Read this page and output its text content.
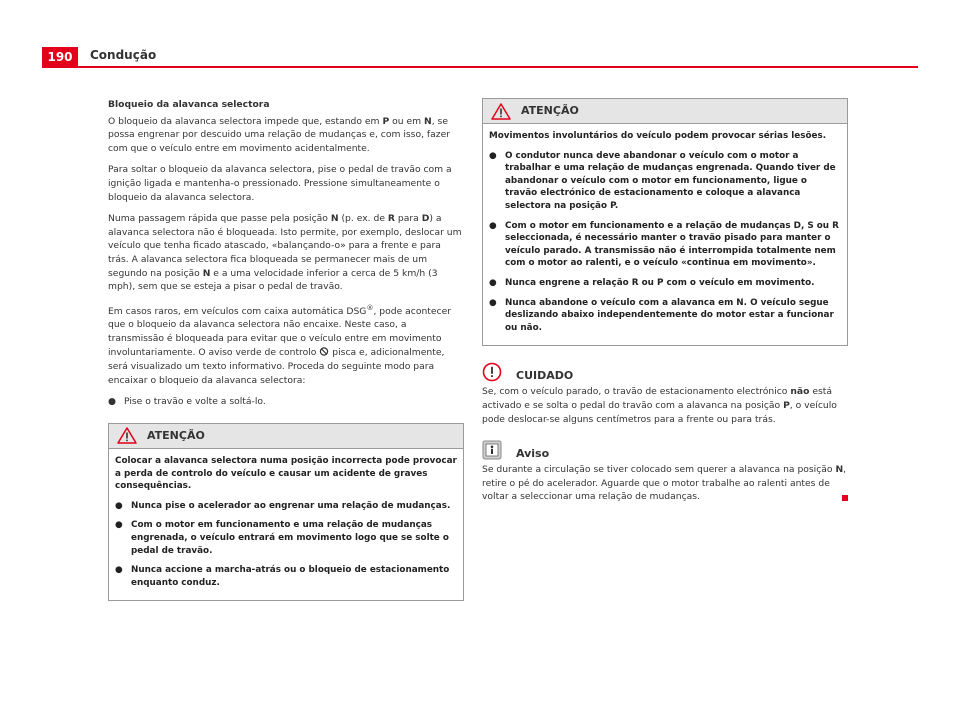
190	Condução
Bloqueio da alavanca selectora

O bloqueio da alavanca selectora impede que, estando em P ou em N, se possa engrenar por descuido uma relação de mudanças e, com isso, fazer com que o veículo entre em movimento acidentalmente.

Para soltar o bloqueio da alavanca selectora, pise o pedal de travão com a ignição ligada e mantenha-o pressionado. Pressione simultaneamente o bloqueio da alavanca selectora.

Numa passagem rápida que passe pela posição N (p. ex. de R para D) a alavanca selectora não é bloqueada. Isto permite, por exemplo, deslocar um veículo que tenha ficado atascado, «balançando-o» para a frente e para trás. A alavanca selectora fica bloqueada se permanecer mais de um segundo na posição N e a uma velocidade inferior a cerca de 5 km/h (3 mph), sem que se esteja a pisar o pedal de travão.

Em casos raros, em veículos com caixa automática DSG®, pode acontecer que o bloqueio da alavanca selectora não encaixe. Neste caso, a transmissão é bloqueada para evitar que o veículo entre em movimento involuntariamente. O aviso verde de controlo  pisca e, adicionalmente, será visualizado um texto informativo. Proceda do seguinte modo para encaixar o bloqueio da alavanca selectora:

● Pise o travão e volte a soltá-lo.

ATENÇÃO

Colocar a alavanca selectora numa posição incorrecta pode provocar a perda de controlo do veículo e causar um acidente de graves consequências.

● Nunca pise o acelerador ao engrenar uma relação de mudanças.

● Com o motor em funcionamento e uma relação de mudanças engrenada, o veículo entrará em movimento logo que se solte o pedal de travão.

● Nunca accione a marcha-atrás ou o bloqueio de estacionamento enquanto conduz.

ATENÇÃO

Movimentos involuntários do veículo podem provocar sérias lesões.

● O condutor nunca deve abandonar o veículo com o motor a trabalhar e uma relação de mudanças engrenada. Quando tiver de abandonar o veículo com o motor em funcionamento, ligue o travão electrónico de estacionamento e coloque a alavanca selectora na posição P.

● Com o motor em funcionamento e a relação de mudanças D, S ou R seleccionada, é necessário manter o travão pisado para manter o veículo parado. A transmissão não é interrompida totalmente nem com o motor ao ralenti, e o veículo «continua em movimento».

● Nunca engrene a relação R ou P com o veículo em movimento.

● Nunca abandone o veículo com a alavanca em N. O veículo segue deslizando abaixo independentemente do motor estar a funcionar ou não.

CUIDADO

Se, com o veículo parado, o travão de estacionamento electrónico não está activado e se solta o pedal do travão com a alavanca na posição P, o veículo pode deslocar-se alguns centímetros para a frente ou para trás.

Aviso

Se durante a circulação se tiver colocado sem querer a alavanca na posição N, retire o pé do acelerador. Aguarde que o motor trabalhe ao ralenti antes de voltar a seleccionar uma relação de mudanças.
